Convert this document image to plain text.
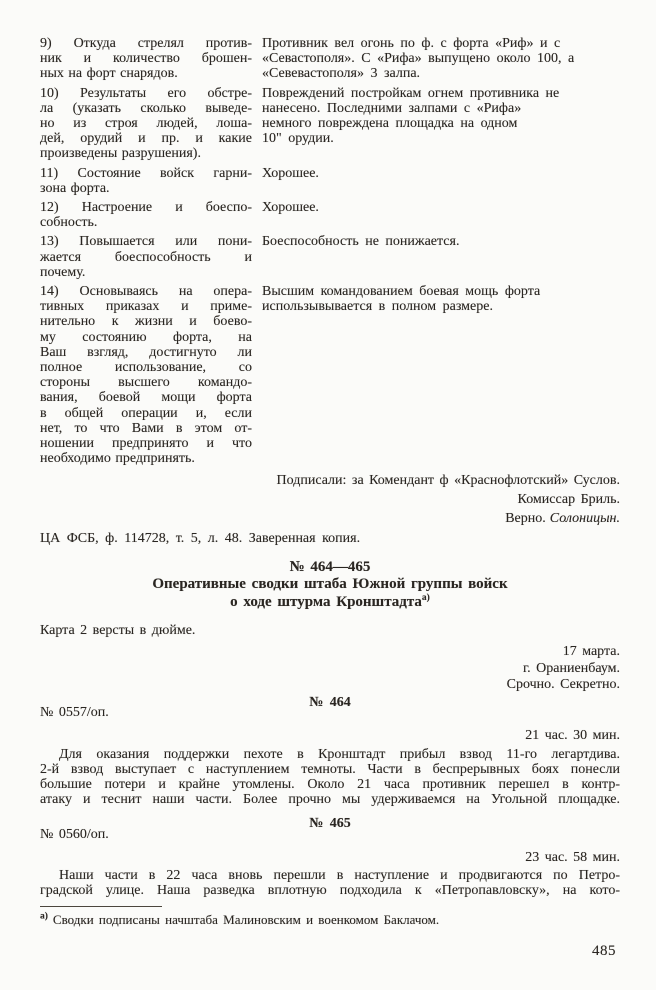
9) Откуда стрелял против-
ник и количество брошен-
ных на форт снарядов.
Противник вел огонь по ф. с форта «Риф» и с
«Севастополя». С «Рифа» выпущено около 100, а
«Севевастополя» 3 залпа.
10) Результаты его обстре-
ла (указать сколько выведе-
но из строя людей, лоша-
дей, орудий и пр. и какие
произведены разрушения).
Повреждений постройкам огнем противника не
нанесено. Последними залпами с «Рифа»
немного повреждена площадка на одном
10" орудии.
11) Состояние войск гарни-
зона форта.
Хорошее.
12) Настроение и боеспо-
собность.
Хорошее.
13) Повышается или пони-
жается боеспособность и
почему.
Боеспособность не понижается.
14) Основываясь на опера-
тивных приказах и приме-
нительно к жизни и боево-
му состоянию форта, на
Ваш взгляд, достигнуто ли
полное использование, со
стороны высшего командо-
вания, боевой мощи форта
в общей операции и, если
нет, то что Вами в этом от-
ношении предпринято и что
необходимо предпринять.
Высшим командованием боевая мощь форта
использывывается в полном размере.
Подписали: за Комендант ф «Краснофлотский» Суслов.
Комиссар Бриль.
Верно. Солоницын.
ЦА ФСБ, ф. 114728, т. 5, л. 48. Заверенная копия.
№ 464—465
Оперативные сводки штаба Южной группы войск
о ходе штурма Кронштадта$^{а)}$
Карта 2 версты в дюйме.
17 марта.
г. Ораниенбаум.
Срочно. Секретно.
№ 464
№ 0557/оп.
21 час. 30 мин.
Для оказания поддержки пехоте в Кронштадт прибыл взвод 11-го легартдива.
2-й взвод выступает с наступлением темноты. Части в беспрерывных боях понесли
большие потери и крайне утомлены. Около 21 часа противник перешел в контр-
атаку и теснит наши части. Более прочно мы удерживаемся на Угольной площадке.
№ 465
№ 0560/оп.
23 час. 58 мин.
Наши части в 22 часа вновь перешли в наступление и продвигаются по Петро-
градской улице. Наша разведка вплотную подходила к «Петропавловску», на кото-
$^{а)}$ Сводки подписаны начштаба Малиновским и военкомом Баклачом.
485
